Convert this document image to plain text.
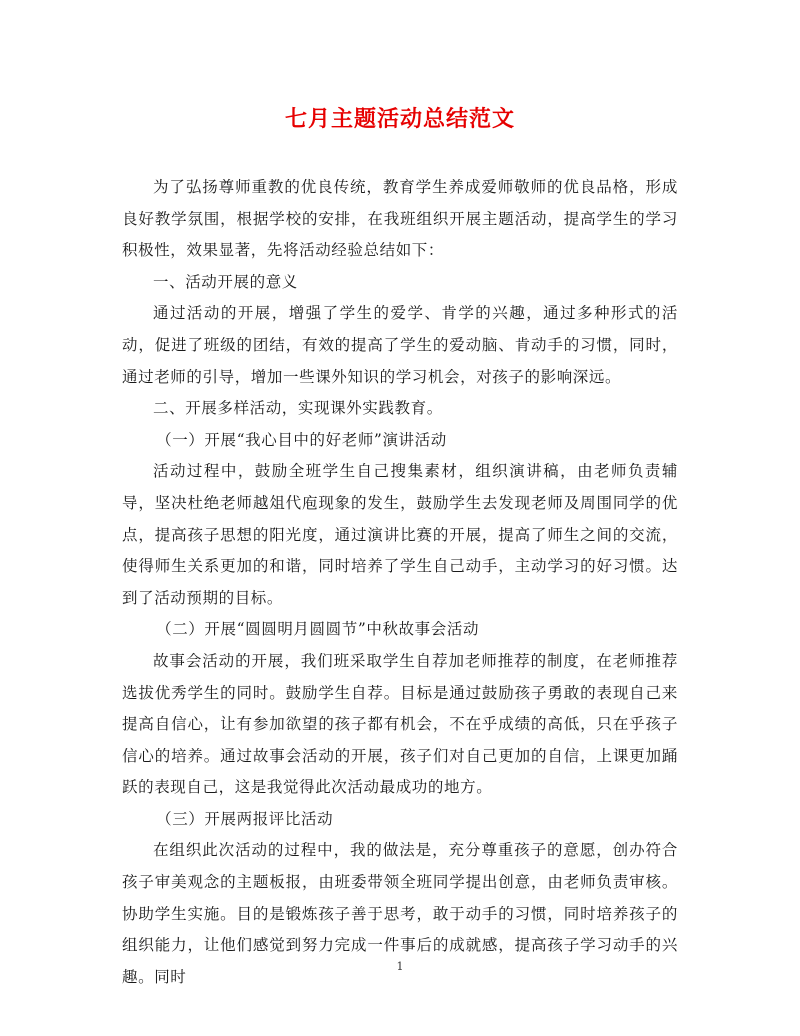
七月主题活动总结范文

为了弘扬尊师重教的优良传统，教育学生养成爱师敬师的优良品格，形成良好教学氛围，根据学校的安排，在我班组织开展主题活动，提高学生的学习积极性，效果显著，先将活动经验总结如下：

一、活动开展的意义

通过活动的开展，增强了学生的爱学、肯学的兴趣，通过多种形式的活动，促进了班级的团结，有效的提高了学生的爱动脑、肯动手的习惯，同时，通过老师的引导，增加一些课外知识的学习机会，对孩子的影响深远。

二、开展多样活动，实现课外实践教育。

（一）开展“我心目中的好老师”演讲活动

活动过程中，鼓励全班学生自己搜集素材，组织演讲稿，由老师负责辅导，坚决杜绝老师越俎代庖现象的发生，鼓励学生去发现老师及周围同学的优点，提高孩子思想的阳光度，通过演讲比赛的开展，提高了师生之间的交流，使得师生关系更加的和谐，同时培养了学生自己动手，主动学习的好习惯。达到了活动预期的目标。

（二）开展“圆圆明月圆圆节”中秋故事会活动

故事会活动的开展，我们班采取学生自荐加老师推荐的制度，在老师推荐选拔优秀学生的同时。鼓励学生自荐。目标是通过鼓励孩子勇敢的表现自己来提高自信心，让有参加欲望的孩子都有机会，不在乎成绩的高低，只在乎孩子信心的培养。通过故事会活动的开展，孩子们对自己更加的自信，上课更加踊跃的表现自己，这是我觉得此次活动最成功的地方。

（三）开展两报评比活动

在组织此次活动的过程中，我的做法是，充分尊重孩子的意愿，创办符合孩子审美观念的主题板报，由班委带领全班同学提出创意，由老师负责审核。协助学生实施。目的是锻炼孩子善于思考，敢于动手的习惯，同时培养孩子的组织能力，让他们感觉到努力完成一件事后的成就感，提高孩子学习动手的兴趣。同时

1
